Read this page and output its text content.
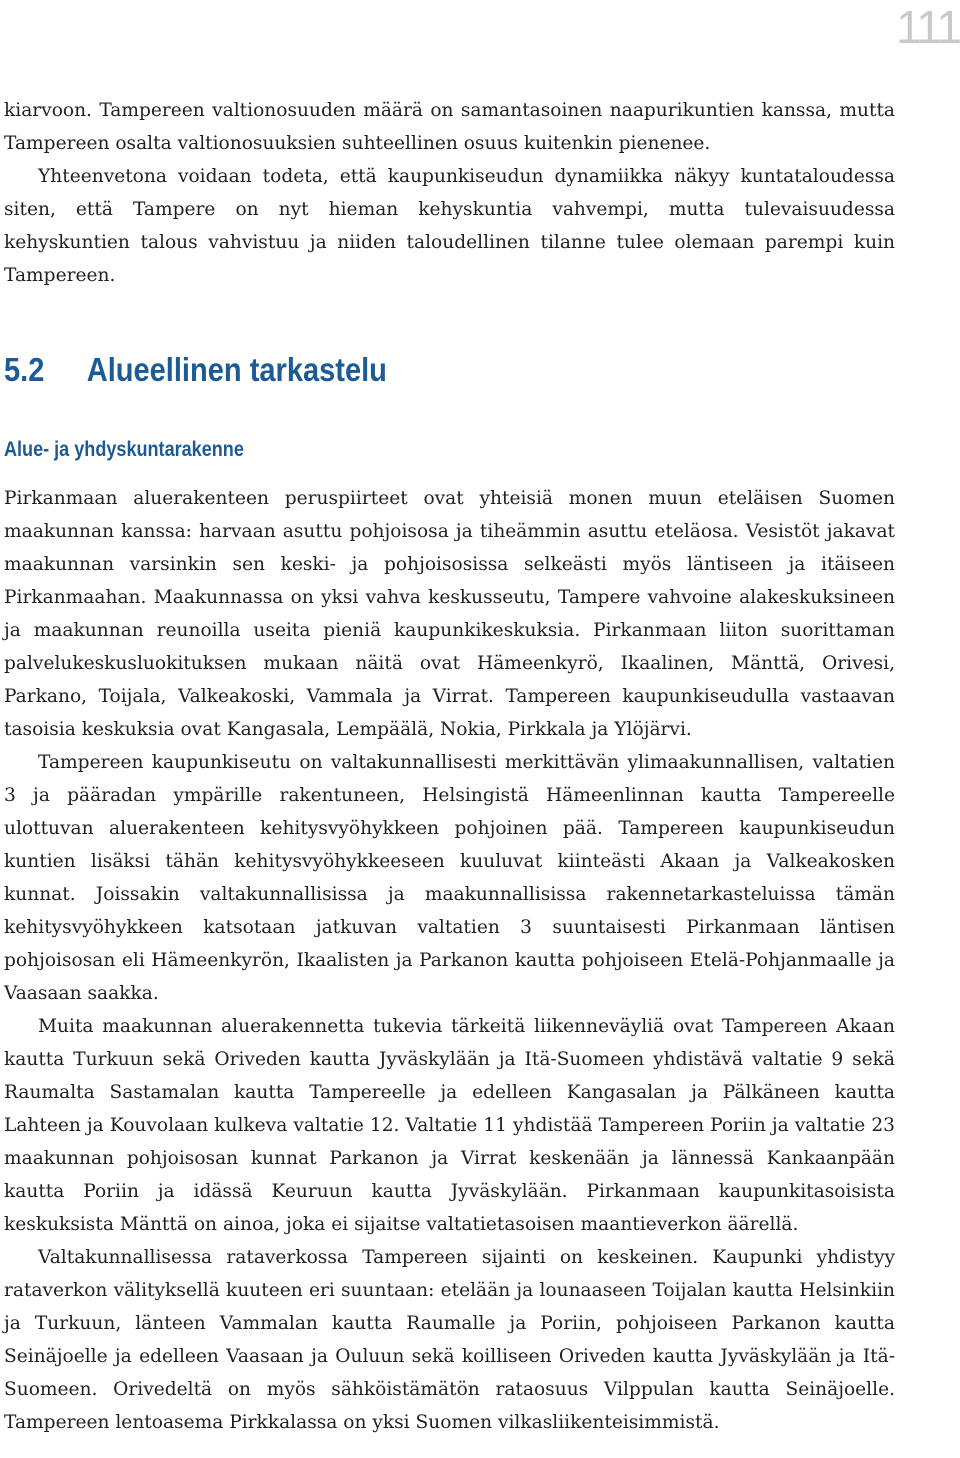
111

kiarvoon. Tampereen valtionosuuden määrä on samantasoinen naapurikuntien kanssa, mutta Tampereen osalta valtionosuuksien suhteellinen osuus kuitenkin pienenee.

Yhteenvetona voidaan todeta, että kaupunkiseudun dynamiikka näkyy kuntataloudessa siten, että Tampere on nyt hieman kehyskuntia vahvempi, mutta tulevaisuudessa kehyskuntien talous vahvistuu ja niiden taloudellinen tilanne tulee olemaan parempi kuin Tampereen.

5.2 Alueellinen tarkastelu
Alue- ja yhdyskuntarakenne

Pirkanmaan aluerakenteen peruspiirteet ovat yhteisiä monen muun eteläisen Suomen maakunnan kanssa: harvaan asuttu pohjoisosa ja tiheämmin asuttu eteläosa. Vesistöt jakavat maakunnan varsinkin sen keski- ja pohjoisosissa selkeästi myös läntiseen ja itäiseen Pirkanmaahan. Maakunnassa on yksi vahva keskusseutu, Tampere vahvoine alakeskuksineen ja maakunnan reunoilla useita pieniä kaupunkikeskuksia. Pirkanmaan liiton suorittaman palvelukeskusluokituksen mukaan näitä ovat Hämeenkyrö, Ikaalinen, Mänttä, Orivesi, Parkano, Toijala, Valkeakoski, Vammala ja Virrat. Tampereen kaupunkiseudulla vastaavan tasoisia keskuksia ovat Kangasala, Lempäälä, Nokia, Pirkkala ja Ylöjärvi.

Tampereen kaupunkiseutu on valtakunnallisesti merkittävän ylimaakunnallisen, valtatien 3 ja pääradan ympärille rakentuneen, Helsingistä Hämeenlinnan kautta Tampereelle ulottuvan aluerakenteen kehitysvyöhykkeen pohjoinen pää. Tampereen kaupunkiseudun kuntien lisäksi tähän kehitysvyöhykkeeseen kuuluvat kiinteästi Akaan ja Valkeakosken kunnat. Joissakin valtakunnallisissa ja maakunnallisissa rakennetarkasteluissa tämän kehitysvyöhykkeen katsotaan jatkuvan valtatien 3 suuntaisesti Pirkanmaan läntisen pohjoisosan eli Hämeenkyrön, Ikaalisten ja Parkanon kautta pohjoiseen Etelä-Pohjanmaalle ja Vaasaan saakka.

Muita maakunnan aluerakennetta tukevia tärkeitä liikenneväyliä ovat Tampereen Akaan kautta Turkuun sekä Oriveden kautta Jyväskylään ja Itä-Suomeen yhdistävä valtatie 9 sekä Raumalta Sastamalan kautta Tampereelle ja edelleen Kangasalan ja Pälkäneen kautta Lahteen ja Kouvolaan kulkeva valtatie 12. Valtatie 11 yhdistää Tampereen Poriin ja valtatie 23 maakunnan pohjoisosan kunnat Parkanon ja Virrat keskenään ja lännessä Kankaanpään kautta Poriin ja idässä Keuruun kautta Jyväskylään. Pirkanmaan kaupunkitasoisista keskuksista Mänttä on ainoa, joka ei sijaitse valtatietasoisen maantieverkon äärellä.

Valtakunnallisessa rataverkossa Tampereen sijainti on keskeinen. Kaupunki yhdistyy rataverkon välityksellä kuuteen eri suuntaan: etelään ja lounaaseen Toijalan kautta Helsinkiin ja Turkuun, länteen Vammalan kautta Raumalle ja Poriin, pohjoiseen Parkanon kautta Seinäjoelle ja edelleen Vaasaan ja Ouluun sekä koilliseen Oriveden kautta Jyväskylään ja Itä-Suomeen. Orivedeltä on myös sähköistämätön rataosuus Vilppulan kautta Seinäjoelle. Tampereen lentoasema Pirkkalassa on yksi Suomen vilkasliikenteisimmistä.
